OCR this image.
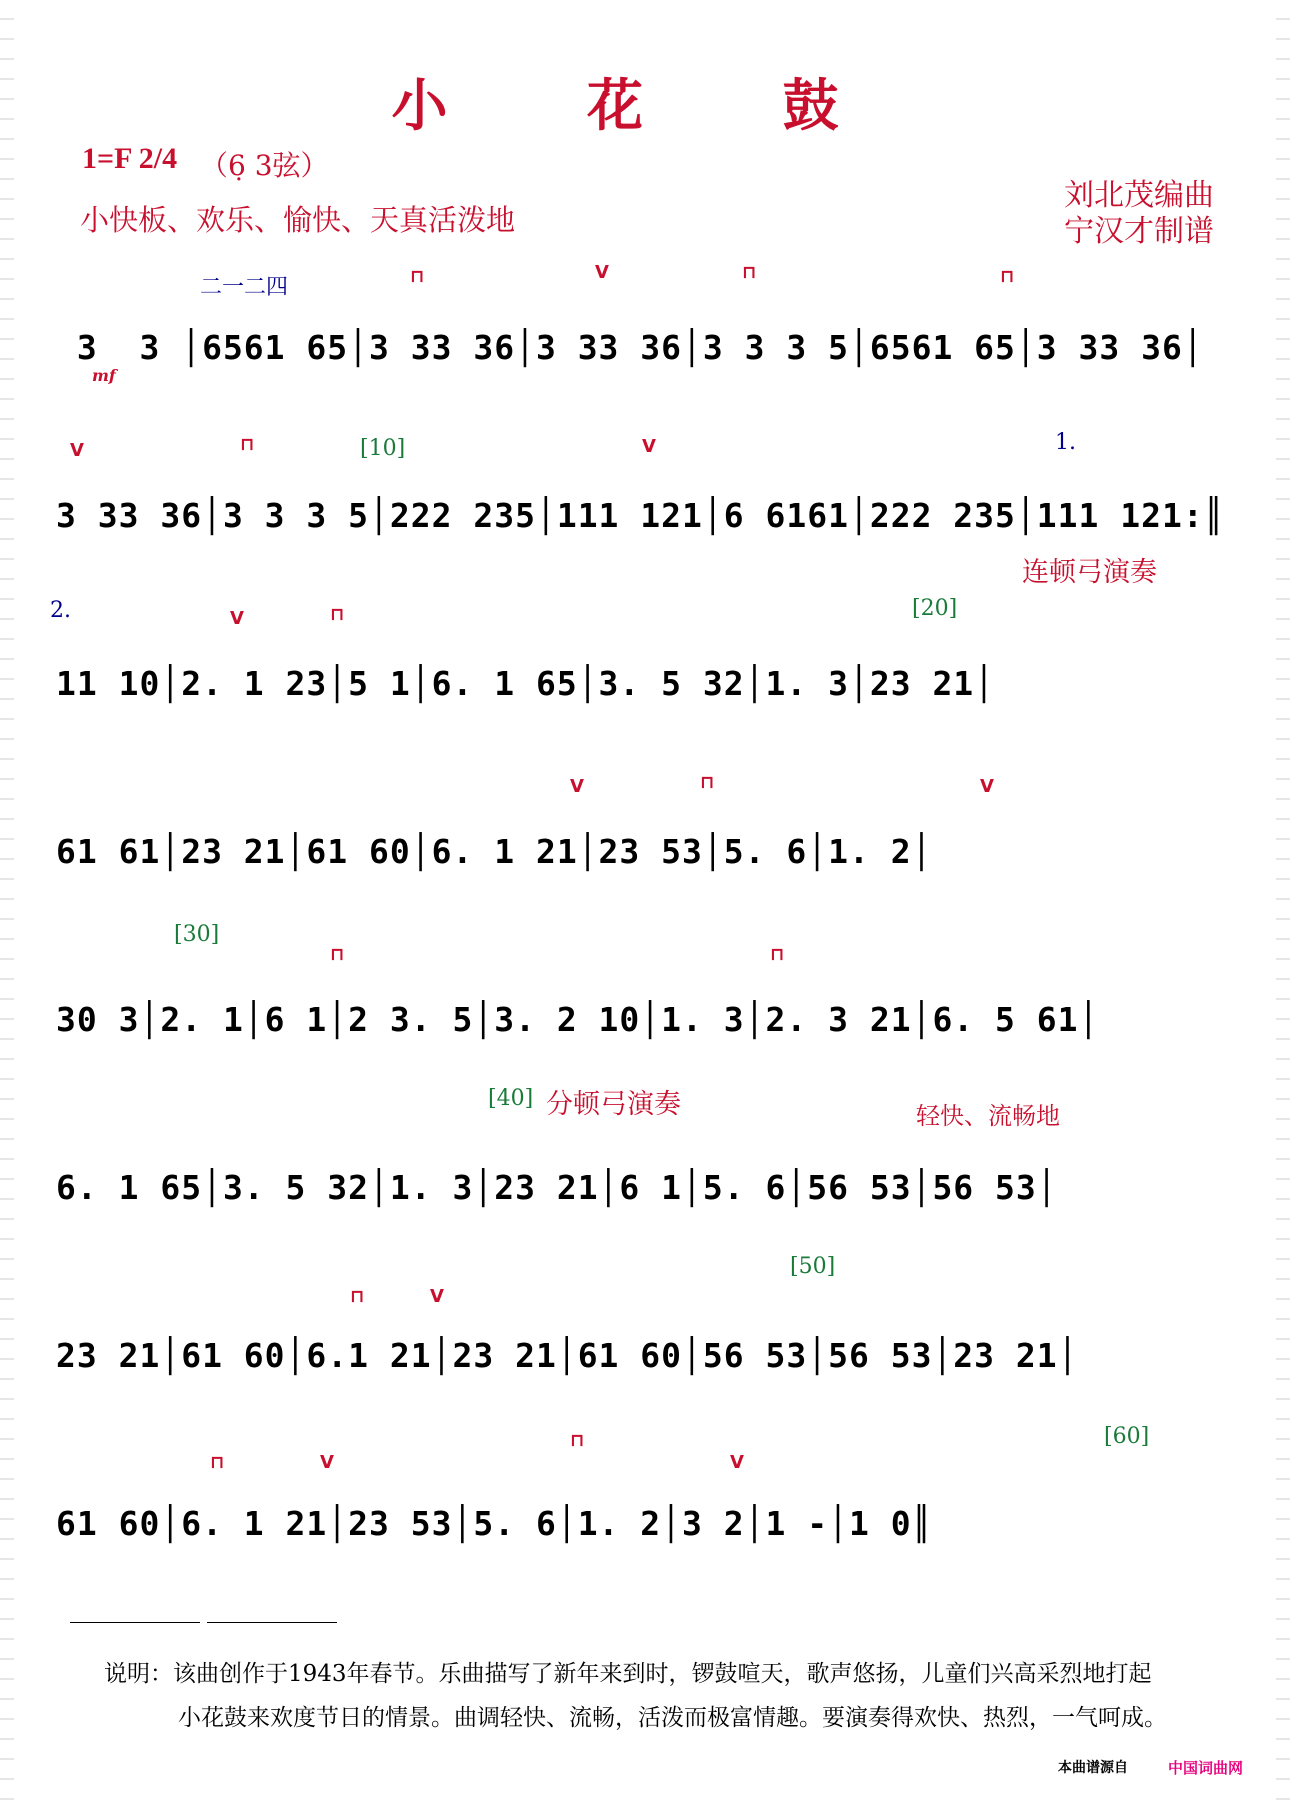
小 花 鼓
1=F 2/4 （6̣ 3弦）
小快板、欢乐、愉快、天真活泼地
刘北茂编曲
宁汉才制谱
3  3 │6561 65│3 33 36│3 33 36│3 3 3 5│6561 65│3 33 36│
二一二四
mf
⊓	V	⊓	⊓
3 33 36│3 3 3 5│222 235│111 121│6 6161│222 235│111 121:║
[10]	1.
V	⊓	V
11 10│2. 1 23│5 1│6. 1 65│3. 5 32│1. 3│23 21│
2.	[20]
连顿弓演奏
V	⊓
61 61│23 21│61 60│6. 1 21│23 53│5. 6│1. 2│
V	⊓	V
30 3│2. 1│6 1│2 3. 5│3. 2 10│1. 3│2. 3 21│6. 5 61│
[30]
⊓	⊓
6. 1 65│3. 5 32│1. 3│23 21│6 1│5. 6│56 53│56 53│
[40] 分顿弓演奏	轻快、流畅地
23 21│61 60│6.1 21│23 21│61 60│56 53│56 53│23 21│
[50]
⊓	V
61 60│6. 1 21│23 53│5. 6│1. 2│3 2│1 -│1 0║
[60]
⊓	V
⊓
V
说明：该曲创作于1943年春节。乐曲描写了新年来到时，锣鼓喧天，歌声悠扬，儿童们兴高采烈地打起
小花鼓来欢度节日的情景。曲调轻快、流畅，活泼而极富情趣。要演奏得欢快、热烈，一气呵成。
本曲谱源自	中国词曲网
